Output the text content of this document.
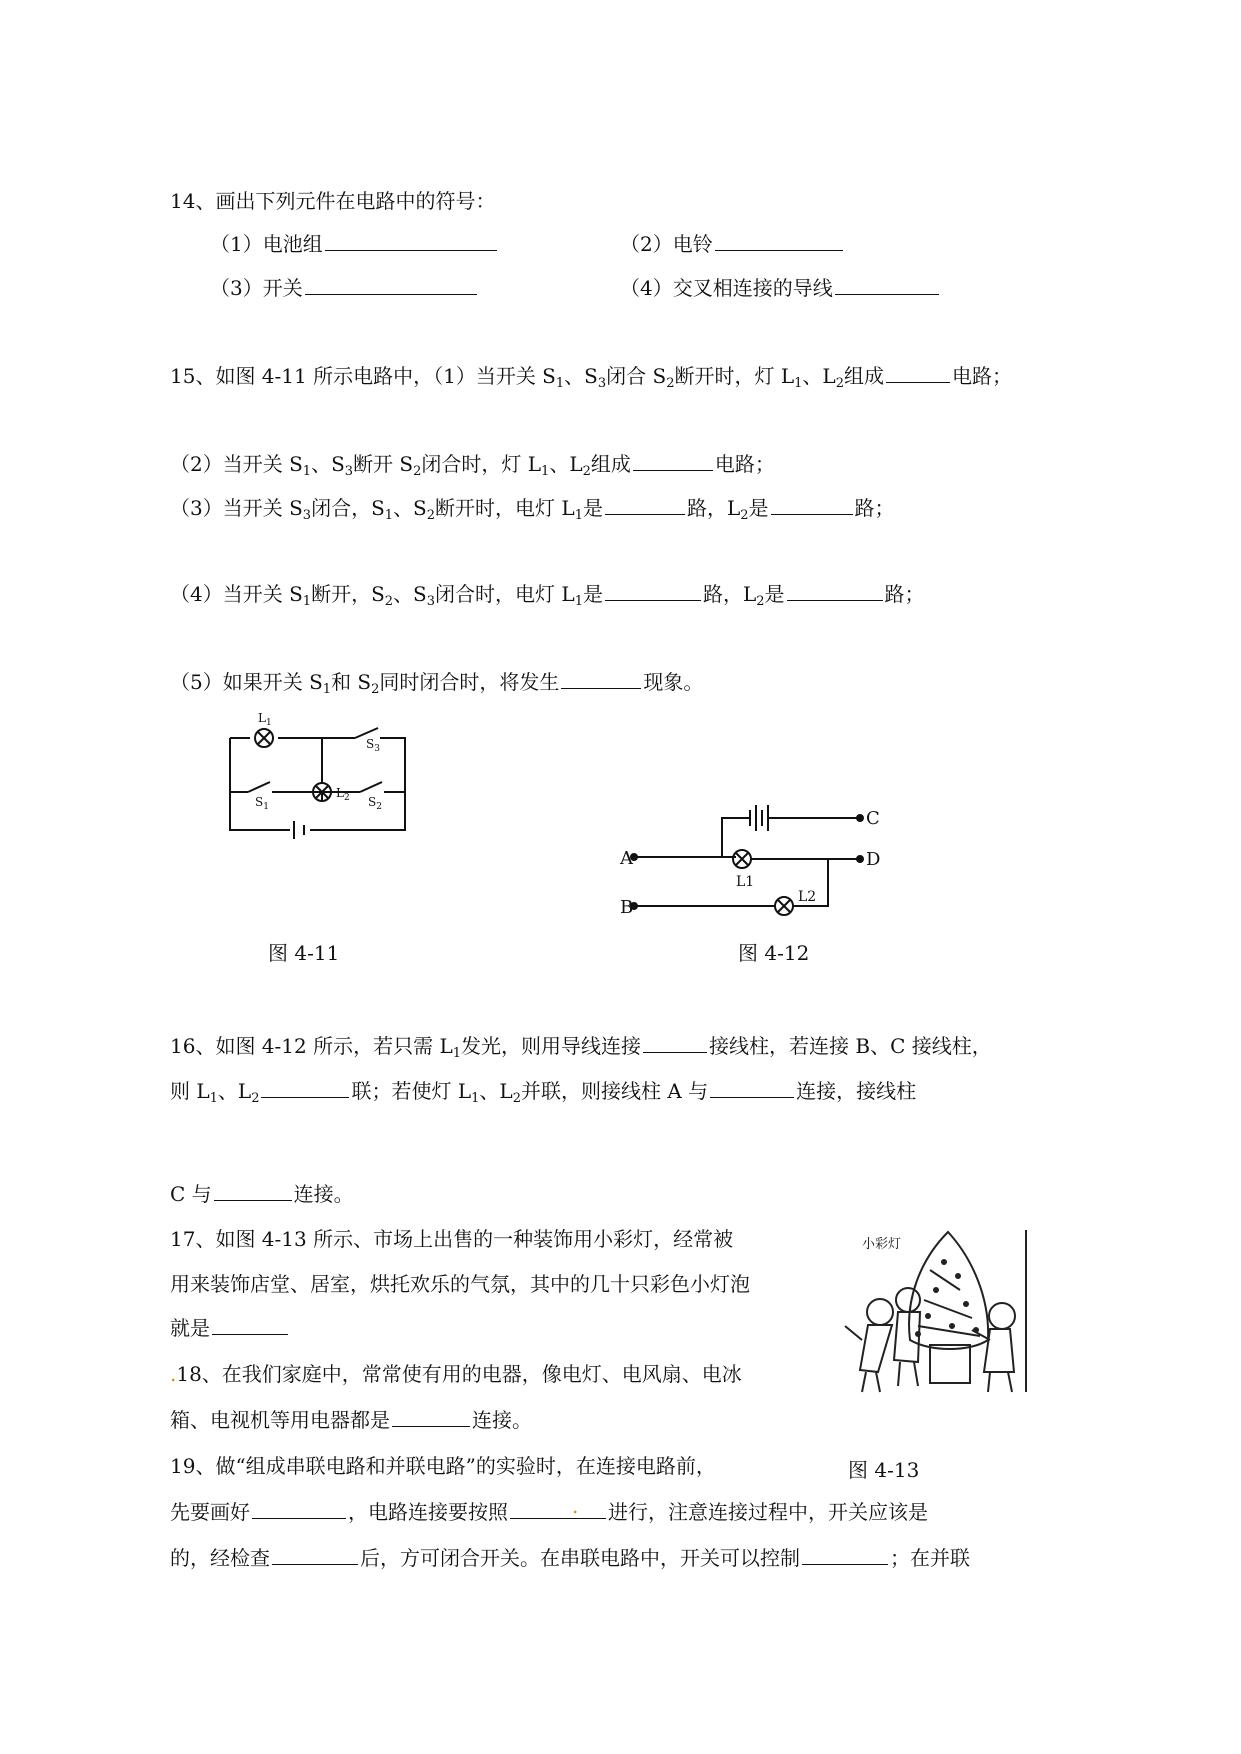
14、画出下列元件在电路中的符号：
（1）电池组	（2）电铃
（3）开关	（4）交叉相连接的导线
15、如图 4-11 所示电路中，（1）当开关 $S_1$、$S_3$闭合 $S_2$断开时，灯 $L_1$、$L_2$组成	电路；
（2）当开关 $S_1$、$S_3$断开 $S_2$闭合时，灯 $L_1$、$L_2$组成	电路；
（3）当开关 $S_3$闭合，$S_1$、$S_2$断开时，电灯 $L_1$是	路，$L_2$是	路；
（4）当开关 $S_1$断开，$S_2$、$S_3$闭合时，电灯 $L_1$是	路，$L_2$是	路；
（5）如果开关 $S_1$和 $S_2$同时闭合时，将发生	现象。
$L_1$
$S_3$
$L_2$
$S_1$	$S_2$
图 4-11
A
B
C
D
L1
L2
图 4-12
16、如图 4-12 所示，若只需 $L_1$发光，则用导线连接	接线柱，若连接 B、C 接线柱，
则 $L_1$、$L_2$	联；若使灯 $L_1$、$L_2$并联，则接线柱 A 与	连接，接线柱
C 与	连接。
17、如图 4-13 所示、市场上出售的一种装饰用小彩灯，经常被
用来装饰店堂、居室，烘托欢乐的气氛，其中的几十只彩色小灯泡
就是
小彩灯
.18、在我们家庭中，常常使有用的电器，像电灯、电风扇、电冰
箱、电视机等用电器都是	连接。
19、做“组成串联电路和并联电路”的实验时，在连接电路前，	图 4-13
先要画好	，电路连接要按照	. 进行，注意连接过程中，开关应该是
的，经检查	后，方可闭合开关。在串联电路中，开关可以控制	；在并联
